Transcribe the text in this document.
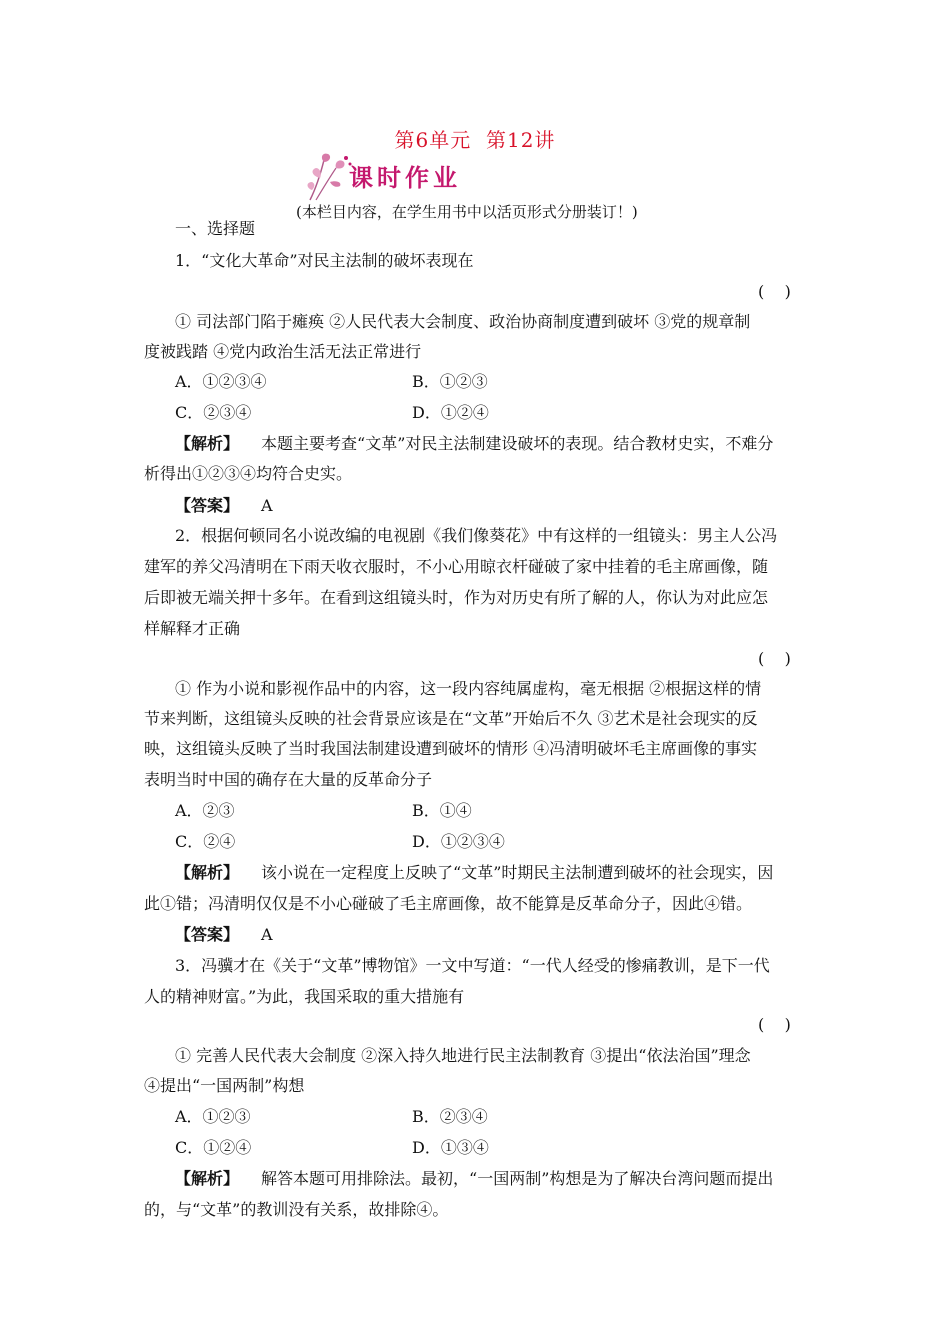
第6单元  第12讲
课时作业
(本栏目内容，在学生用书中以活页形式分册装订！)
一、选择题
1．“文化大革命”对民主法制的破坏表现在
(    )
① 司法部门陷于瘫痪 ②人民代表大会制度、政治协商制度遭到破坏 ③党的规章制
度被践踏 ④党内政治生活无法正常进行
A．①②③④	B．①②③
C．②③④	D．①②④
【解析】 本题主要考查“文革”对民主法制建设破坏的表现。结合教材史实，不难分
析得出①②③④均符合史实。
【答案】 A
2．根据何顿同名小说改编的电视剧《我们像葵花》中有这样的一组镜头：男主人公冯
建军的养父冯清明在下雨天收衣服时，不小心用晾衣杆碰破了家中挂着的毛主席画像，随
后即被无端关押十多年。在看到这组镜头时，作为对历史有所了解的人，你认为对此应怎
样解释才正确
(    )
① 作为小说和影视作品中的内容，这一段内容纯属虚构，毫无根据 ②根据这样的情
节来判断，这组镜头反映的社会背景应该是在“文革”开始后不久 ③艺术是社会现实的反
映，这组镜头反映了当时我国法制建设遭到破坏的情形 ④冯清明破坏毛主席画像的事实
表明当时中国的确存在大量的反革命分子
A．②③	B．①④
C．②④	D．①②③④
【解析】 该小说在一定程度上反映了“文革”时期民主法制遭到破坏的社会现实，因
此①错；冯清明仅仅是不小心碰破了毛主席画像，故不能算是反革命分子，因此④错。
【答案】 A
3．冯骥才在《关于“文革”博物馆》一文中写道：“一代人经受的惨痛教训，是下一代
人的精神财富。”为此，我国采取的重大措施有
(    )
① 完善人民代表大会制度 ②深入持久地进行民主法制教育 ③提出“依法治国”理念
④提出“一国两制”构想
A．①②③	B．②③④
C．①②④	D．①③④
【解析】 解答本题可用排除法。最初，“一国两制”构想是为了解决台湾问题而提出
的，与“文革”的教训没有关系，故排除④。
